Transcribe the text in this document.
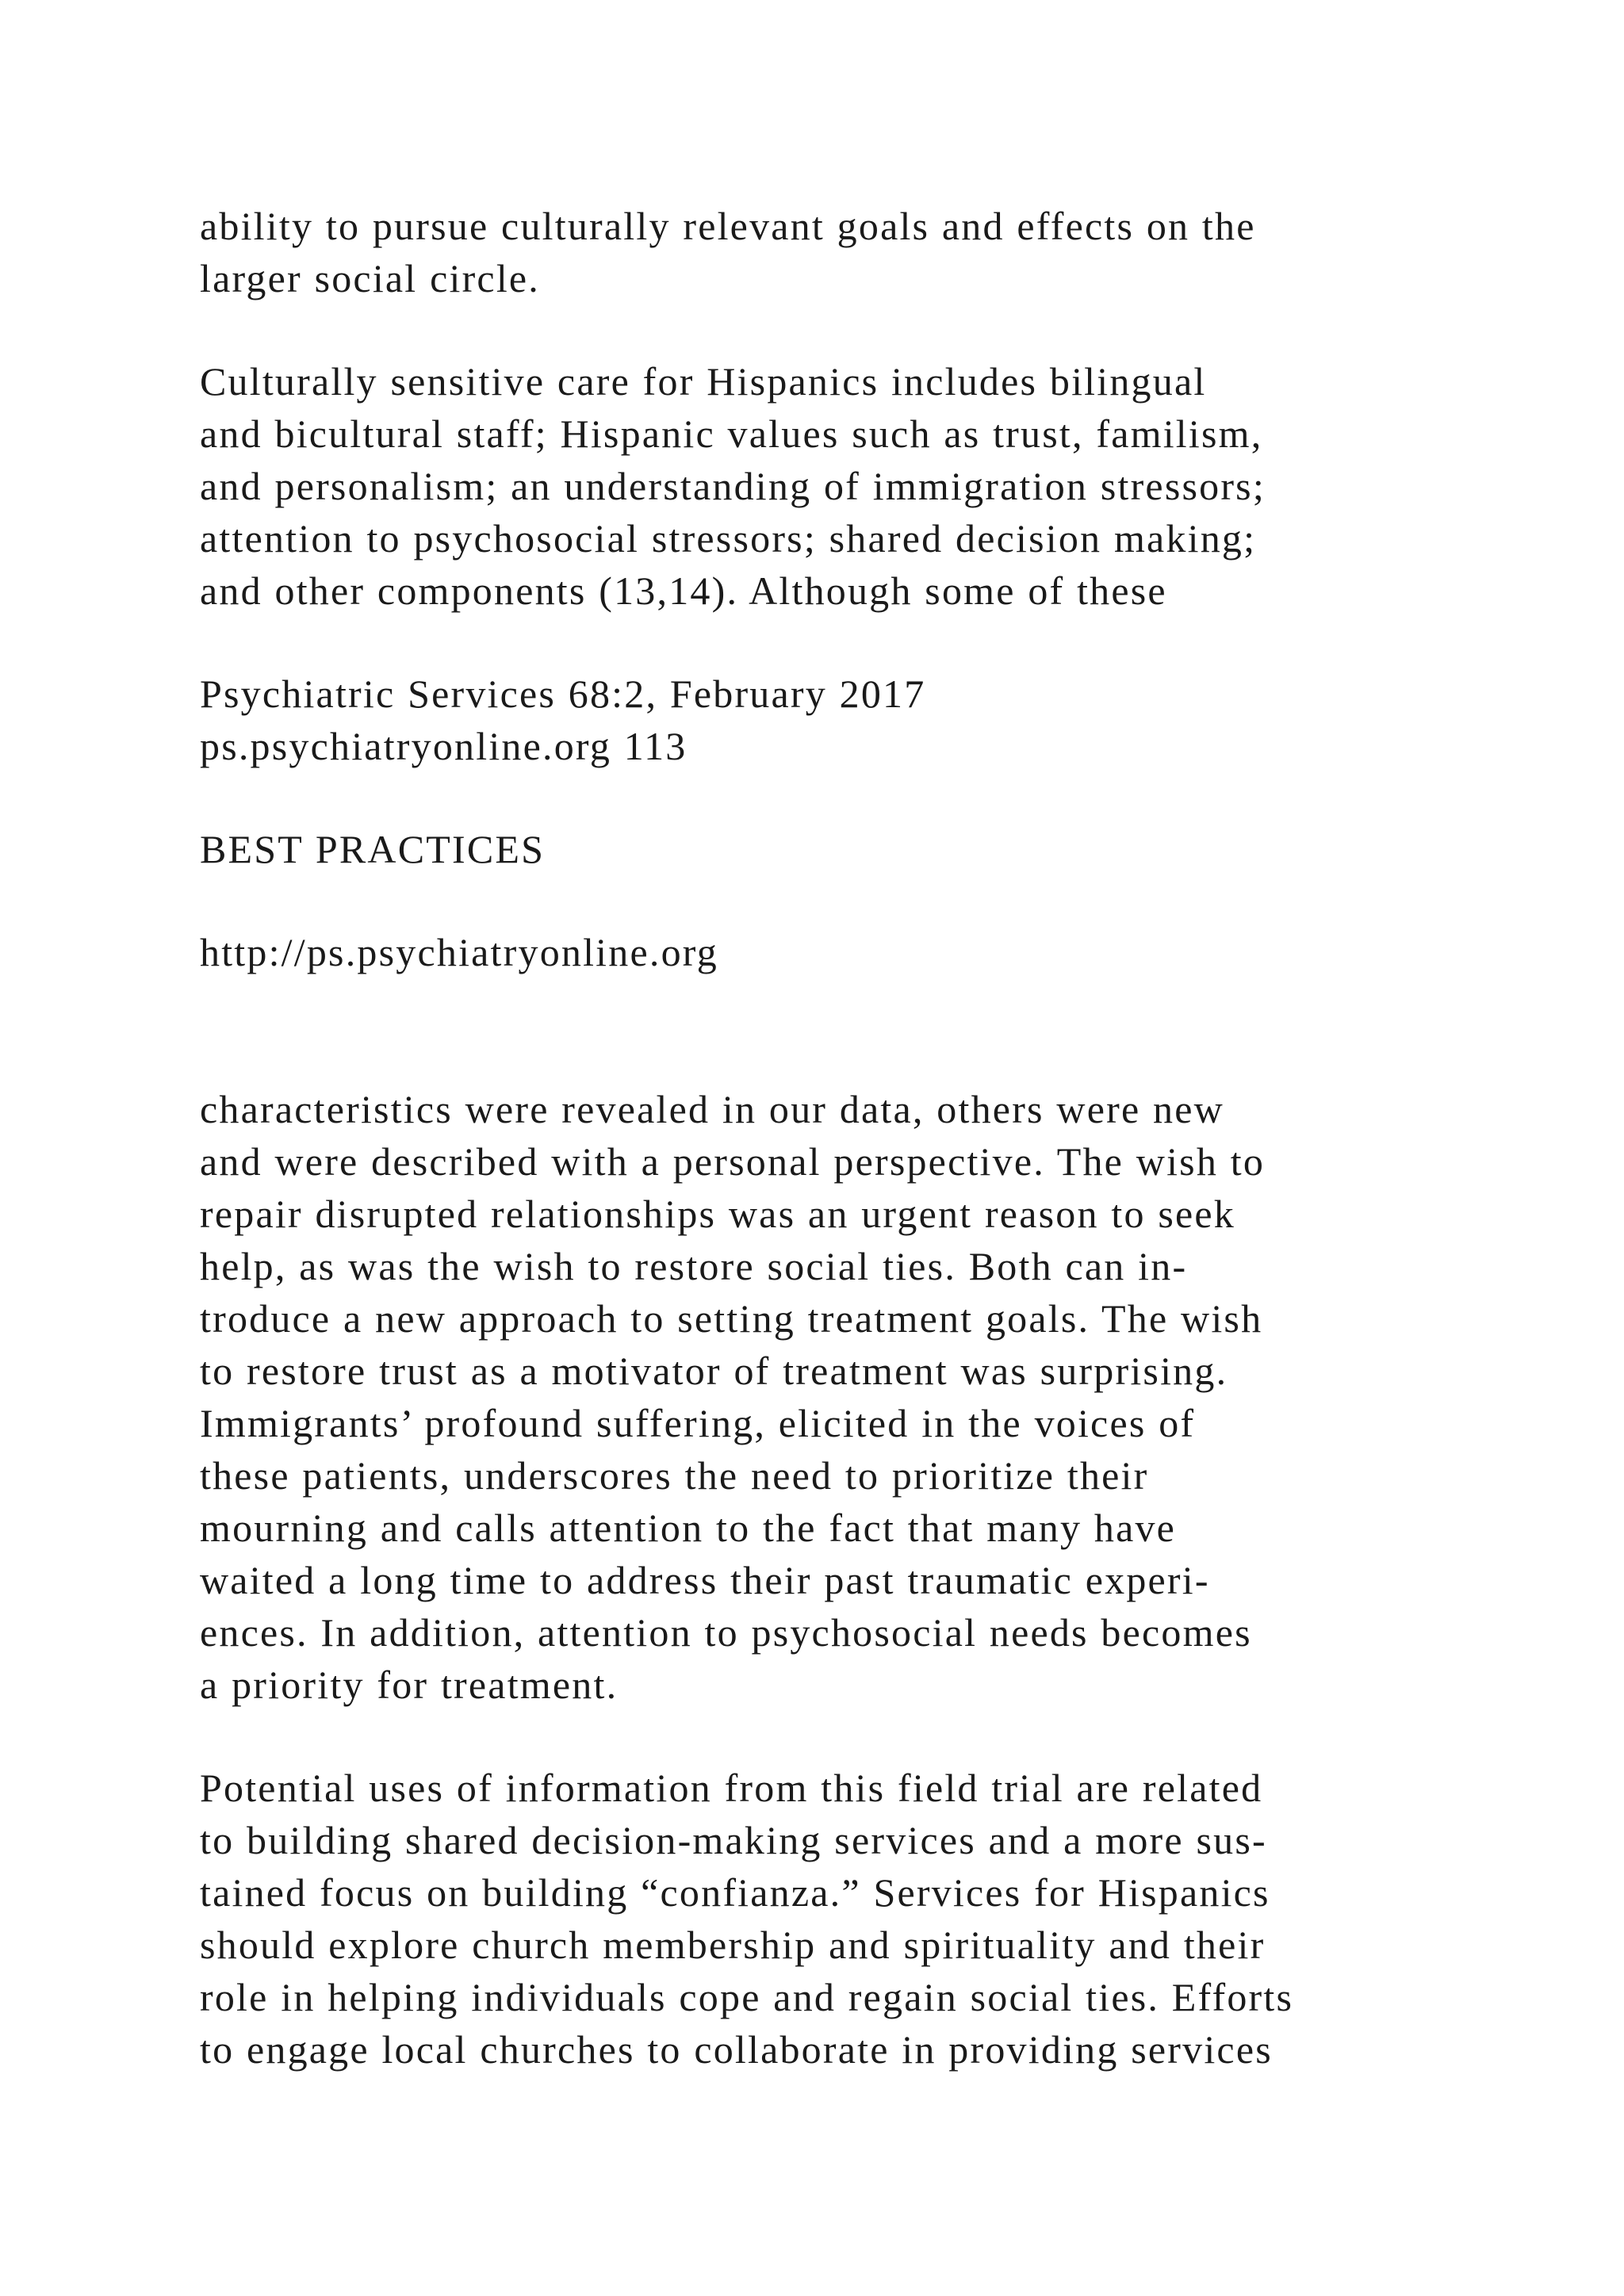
ability to pursue culturally relevant goals and effects on the
larger social circle.
Culturally sensitive care for Hispanics includes bilingual
and bicultural staff; Hispanic values such as trust, familism,
and personalism; an understanding of immigration stressors;
attention to psychosocial stressors; shared decision making;
and other components (13,14). Although some of these
Psychiatric Services 68:2, February 2017
ps.psychiatryonline.org 113
BEST PRACTICES
http://ps.psychiatryonline.org
characteristics were revealed in our data, others were new
and were described with a personal perspective. The wish to
repair disrupted relationships was an urgent reason to seek
help, as was the wish to restore social ties. Both can in-
troduce a new approach to setting treatment goals. The wish
to restore trust as a motivator of treatment was surprising.
Immigrants’ profound suffering, elicited in the voices of
these patients, underscores the need to prioritize their
mourning and calls attention to the fact that many have
waited a long time to address their past traumatic experi-
ences. In addition, attention to psychosocial needs becomes
a priority for treatment.
Potential uses of information from this field trial are related
to building shared decision-making services and a more sus-
tained focus on building “confianza.” Services for Hispanics
should explore church membership and spirituality and their
role in helping individuals cope and regain social ties. Efforts
to engage local churches to collaborate in providing services
